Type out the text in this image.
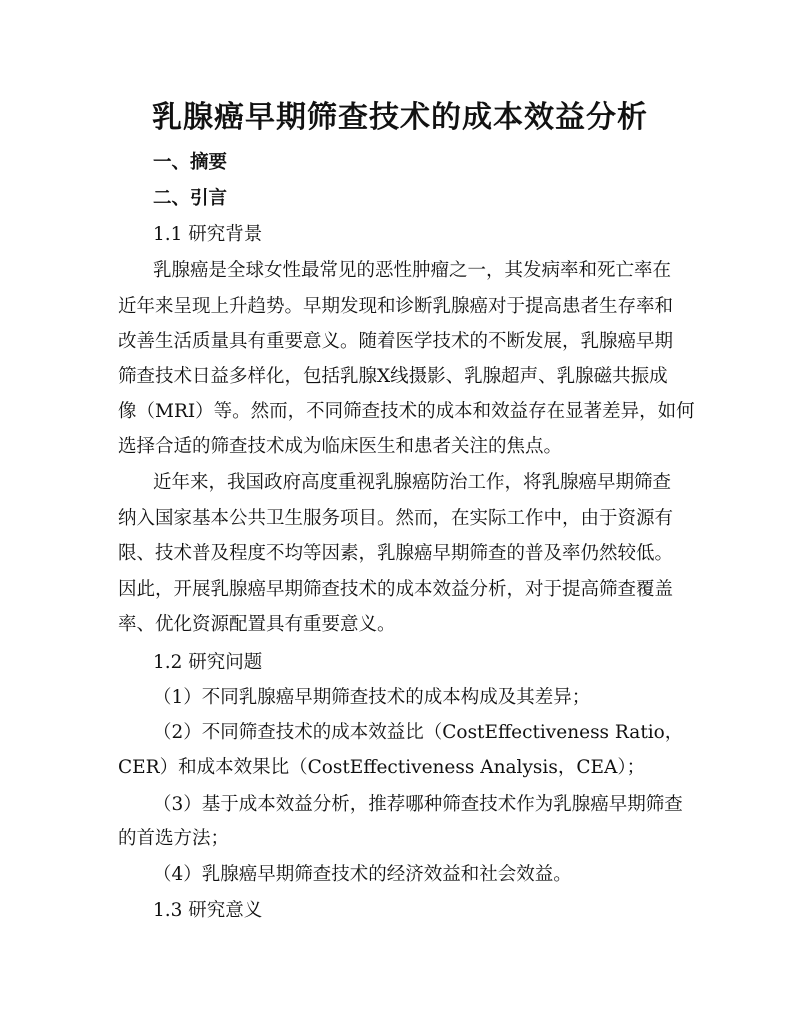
乳腺癌早期筛查技术的成本效益分析
一、摘要
二、引言
1.1 研究背景
乳腺癌是全球女性最常见的恶性肿瘤之一，其发病率和死亡率在
近年来呈现上升趋势。早期发现和诊断乳腺癌对于提高患者生存率和
改善生活质量具有重要意义。随着医学技术的不断发展，乳腺癌早期
筛查技术日益多样化，包括乳腺X线摄影、乳腺超声、乳腺磁共振成
像（MRI）等。然而，不同筛查技术的成本和效益存在显著差异，如何
选择合适的筛查技术成为临床医生和患者关注的焦点。
近年来，我国政府高度重视乳腺癌防治工作，将乳腺癌早期筛查
纳入国家基本公共卫生服务项目。然而，在实际工作中，由于资源有
限、技术普及程度不均等因素，乳腺癌早期筛查的普及率仍然较低。
因此，开展乳腺癌早期筛查技术的成本效益分析，对于提高筛查覆盖
率、优化资源配置具有重要意义。
1.2 研究问题
（1）不同乳腺癌早期筛查技术的成本构成及其差异；
（2）不同筛查技术的成本效益比（CostEffectiveness Ratio，
CER）和成本效果比（CostEffectiveness Analysis，CEA）；
（3）基于成本效益分析，推荐哪种筛查技术作为乳腺癌早期筛查
的首选方法；
（4）乳腺癌早期筛查技术的经济效益和社会效益。
1.3 研究意义
